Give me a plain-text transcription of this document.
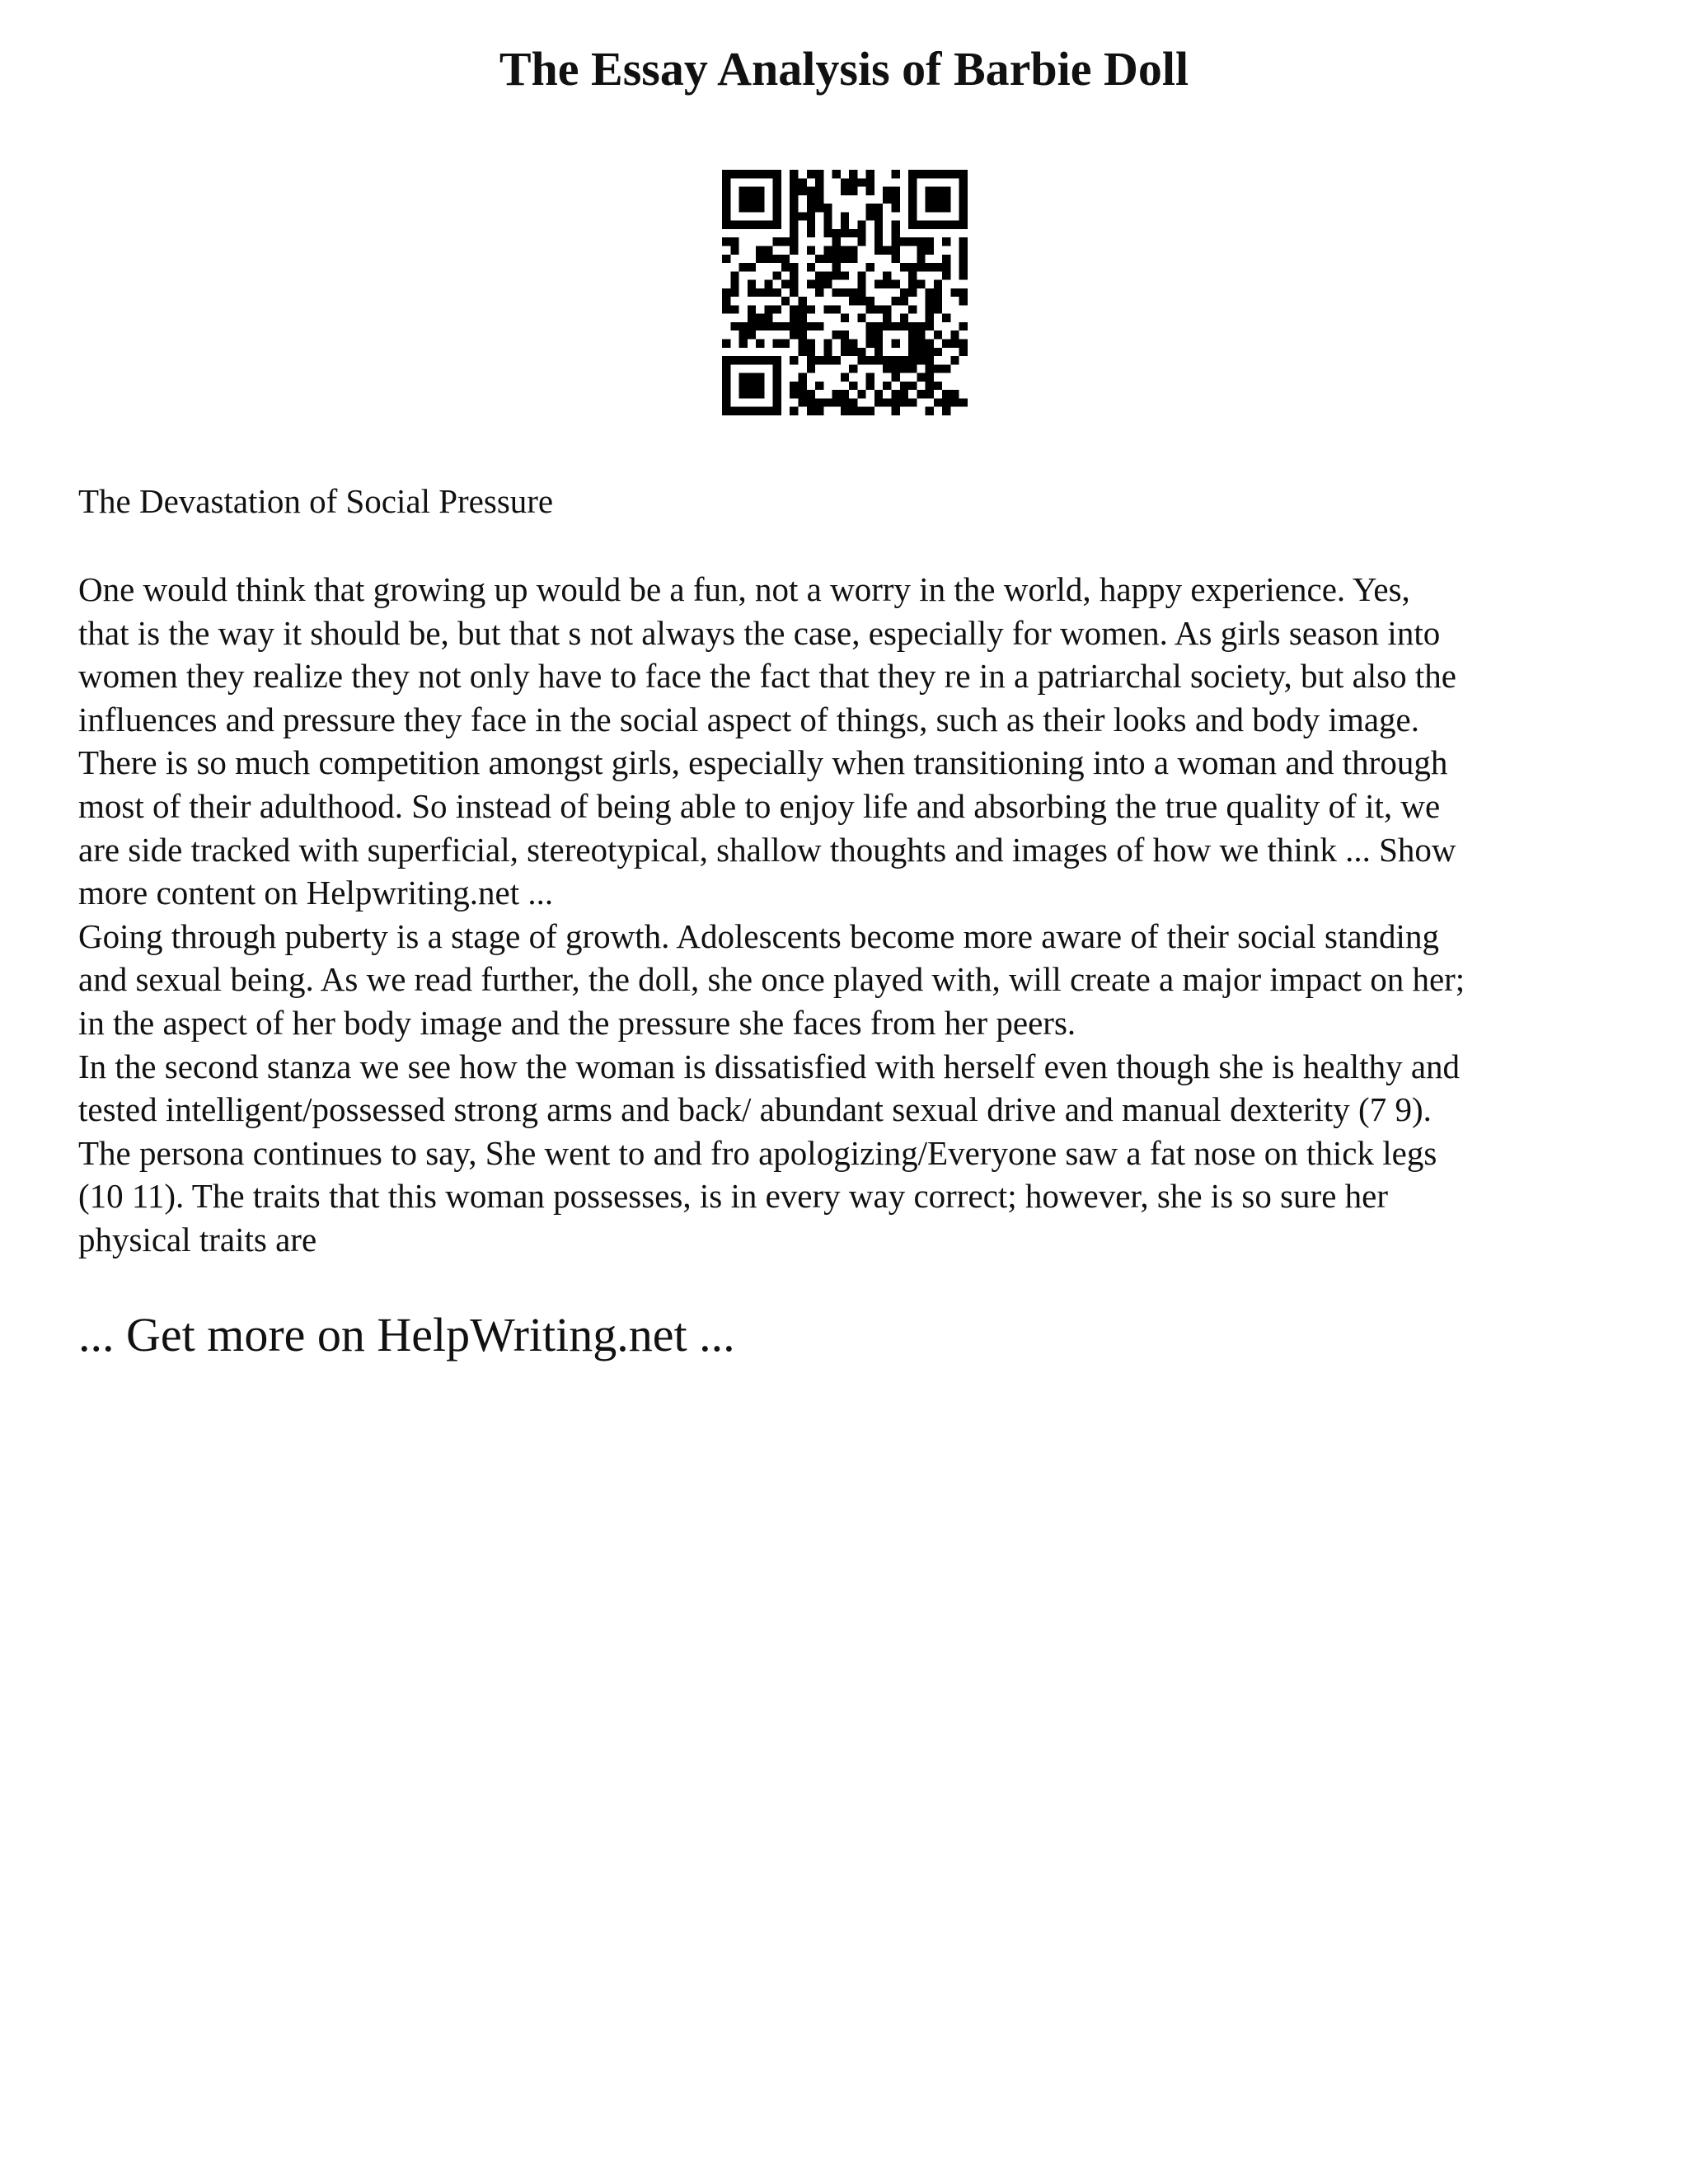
The Essay Analysis of Barbie Doll

The Devastation of Social Pressure

One would think that growing up would be a fun, not a worry in the world, happy experience. Yes,
that is the way it should be, but that s not always the case, especially for women. As girls season into
women they realize they not only have to face the fact that they re in a patriarchal society, but also the
influences and pressure they face in the social aspect of things, such as their looks and body image.
There is so much competition amongst girls, especially when transitioning into a woman and through
most of their adulthood. So instead of being able to enjoy life and absorbing the true quality of it, we
are side tracked with superficial, stereotypical, shallow thoughts and images of how we think ... Show
more content on Helpwriting.net ...

Going through puberty is a stage of growth. Adolescents become more aware of their social standing
and sexual being. As we read further, the doll, she once played with, will create a major impact on her;
in the aspect of her body image and the pressure she faces from her peers.

In the second stanza we see how the woman is dissatisfied with herself even though she is healthy and
tested intelligent/possessed strong arms and back/ abundant sexual drive and manual dexterity (7 9).
The persona continues to say, She went to and fro apologizing/Everyone saw a fat nose on thick legs
(10 11). The traits that this woman possesses, is in every way correct; however, she is so sure her
physical traits are

... Get more on HelpWriting.net ...
